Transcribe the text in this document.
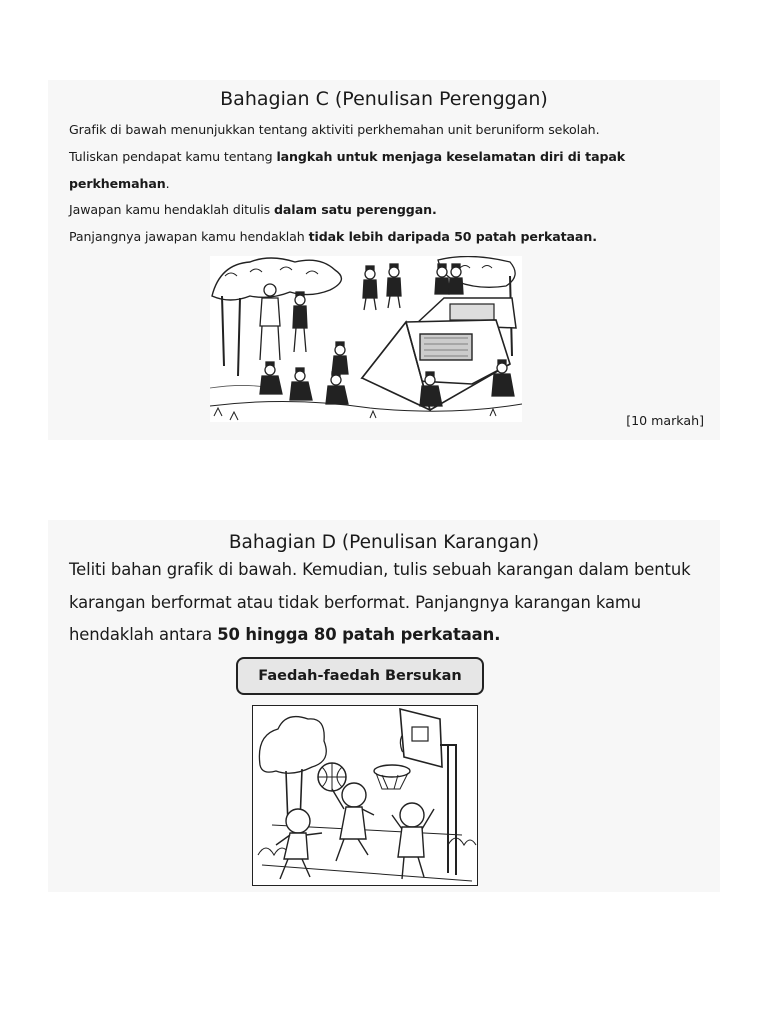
Bahagian C (Penulisan Perenggan)
Grafik di bawah menunjukkan tentang aktiviti perkhemahan unit beruniform sekolah.
Tuliskan pendapat kamu tentang langkah untuk menjaga keselamatan diri di tapak
perkhemahan.
Jawapan kamu hendaklah ditulis dalam satu perenggan.
Panjangnya jawapan kamu hendaklah tidak lebih daripada 50 patah perkataan.
[10 markah]
Bahagian D (Penulisan Karangan)
Teliti bahan grafik di bawah. Kemudian, tulis sebuah karangan dalam bentuk
karangan berformat atau tidak berformat. Panjangnya karangan kamu
hendaklah antara 50 hingga 80 patah perkataan.
Faedah-faedah Bersukan
